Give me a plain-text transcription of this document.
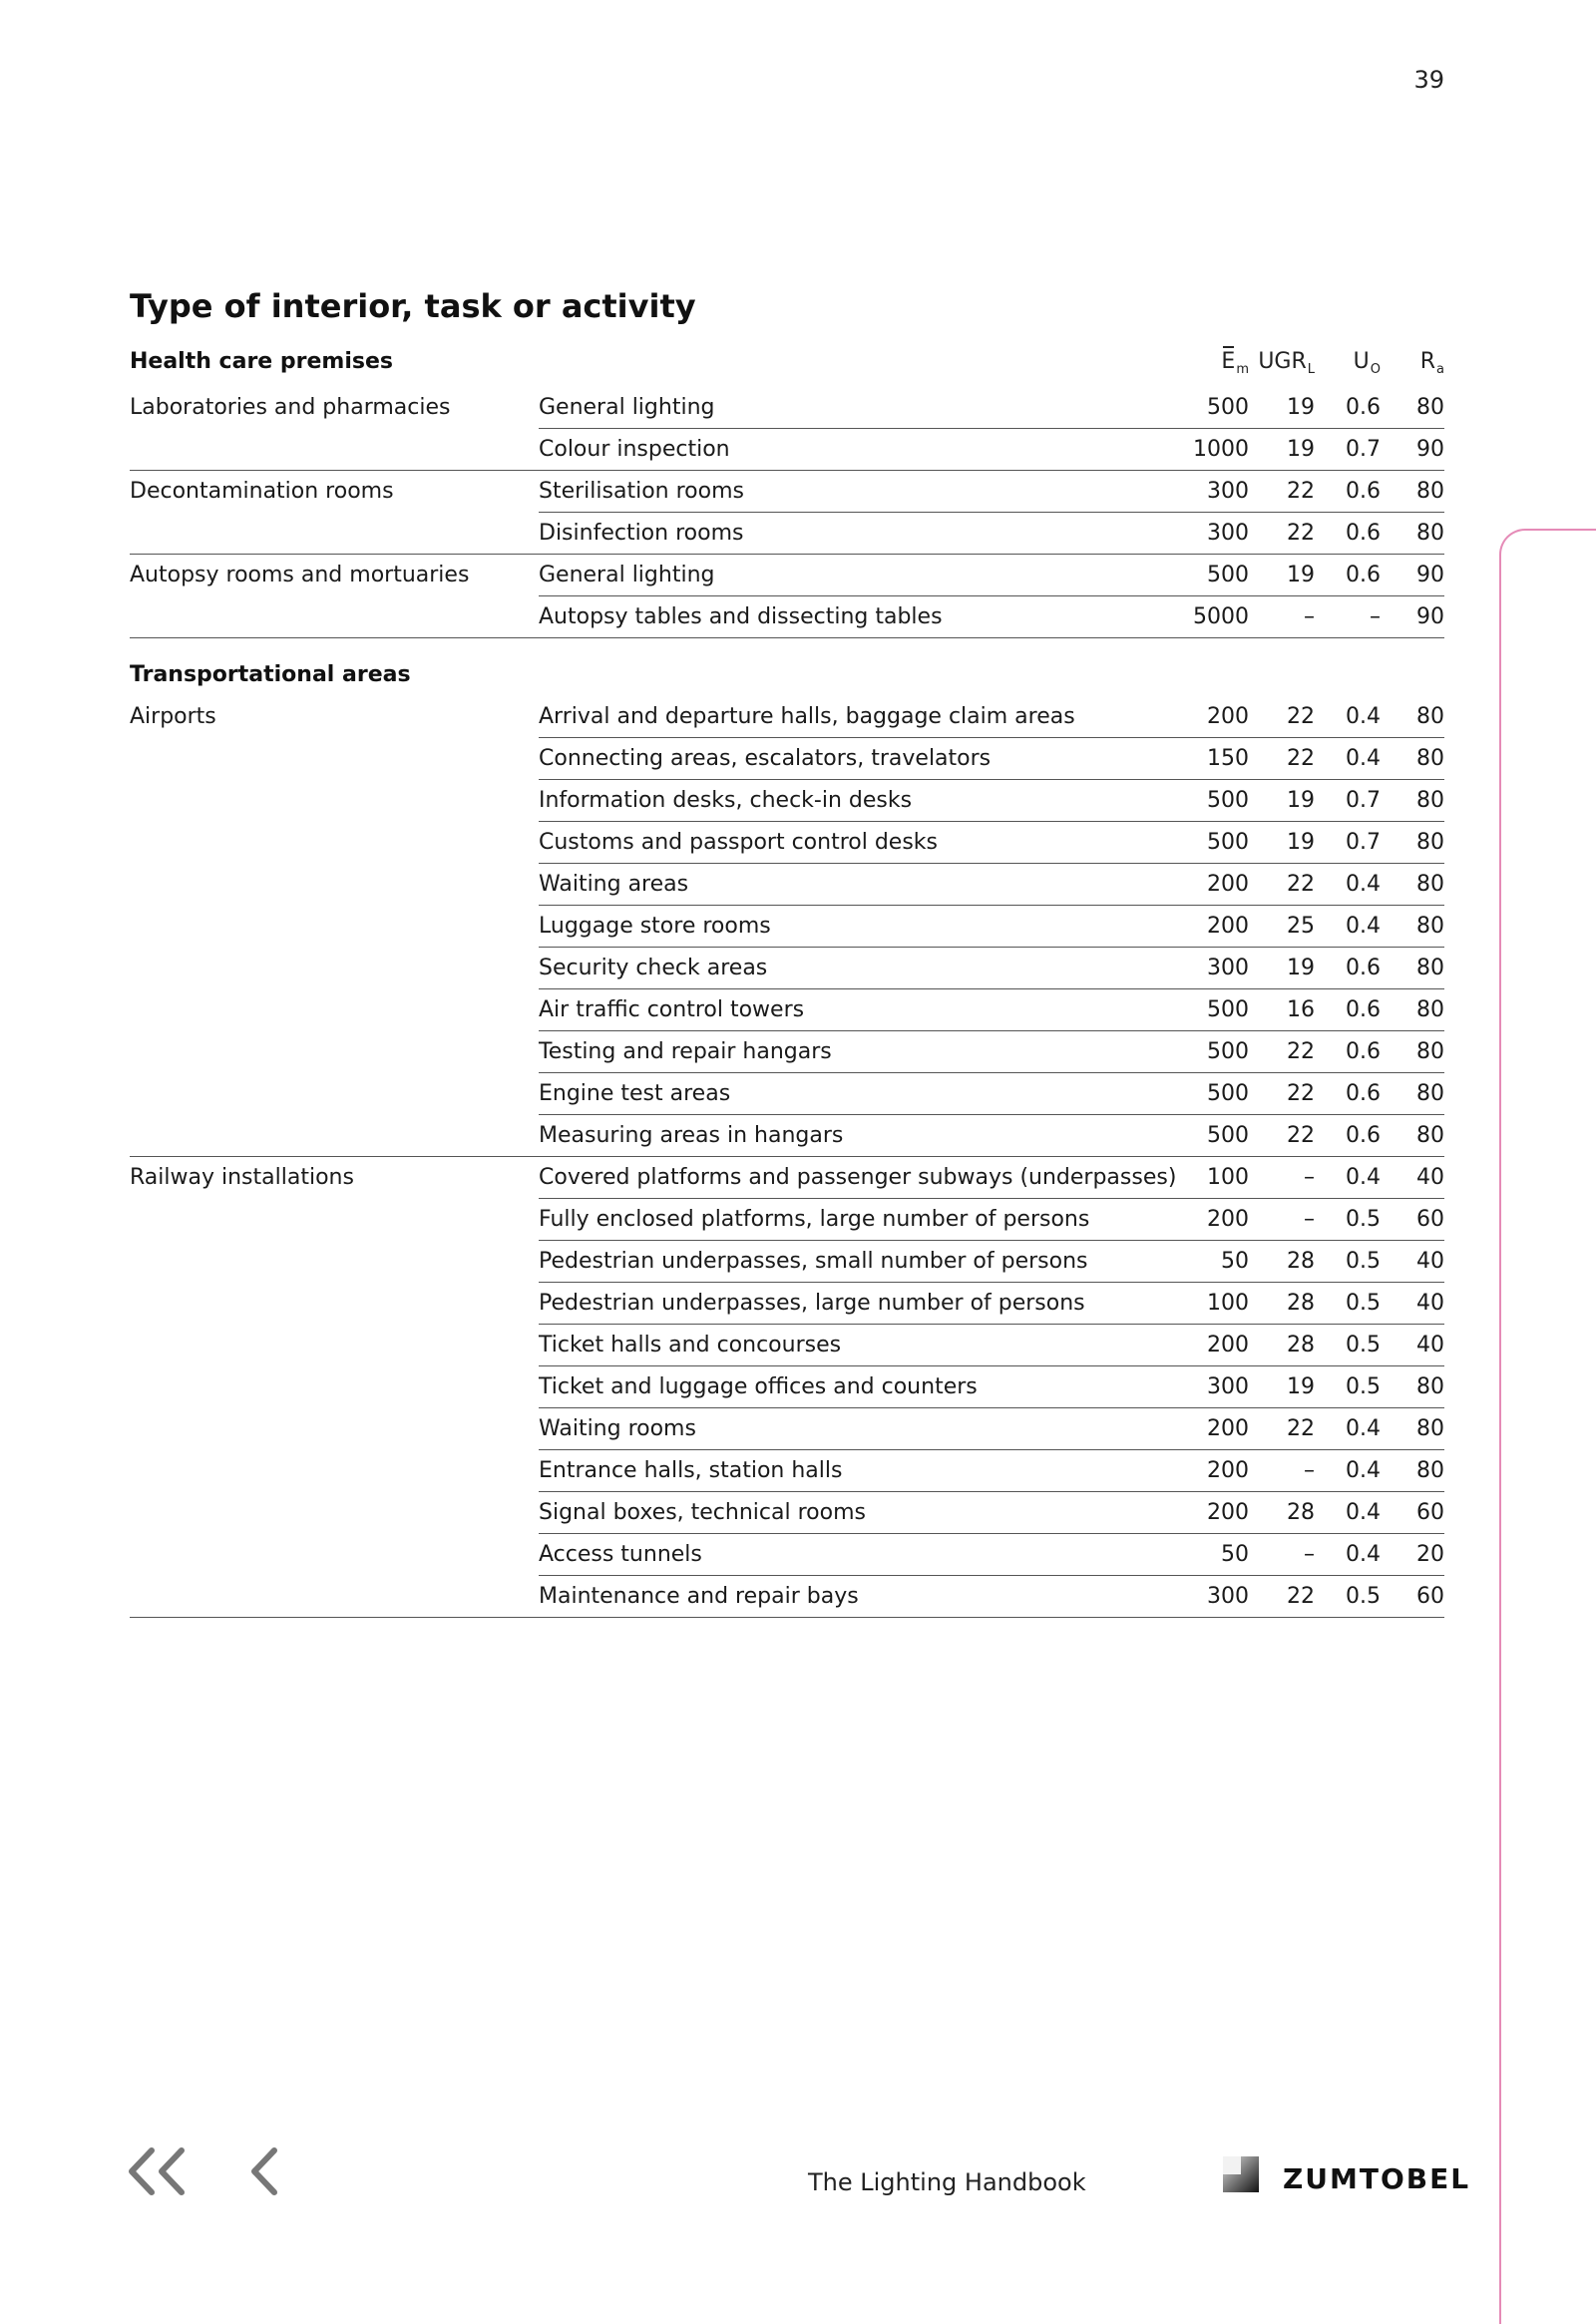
39
Type of interior, task or activity
$E_m$ $UGR_L$ $U_O$ $R_a$
Health care premises
Laboratories and pharmacies	General lighting	500 19 0.6 80
Colour inspection	1000 19 0.7 90
Decontamination rooms	Sterilisation rooms	300 22 0.6 80
Disinfection rooms	300 22 0.6 80
Autopsy rooms and mortuaries	General lighting	500 19 0.6 90
Autopsy tables and dissecting tables	5000	–	– 90
Transportational areas
Airports	Arrival and departure halls, baggage claim areas	200 22 0.4 80
Connecting areas, escalators, travelators	150 22 0.4 80
Information desks, check-in desks	500 19 0.7 80
Customs and passport control desks	500 19 0.7 80
Waiting areas	200 22 0.4 80
Luggage store rooms	200 25 0.4 80
Security check areas	300 19 0.6 80
Air traffic control towers	500 16 0.6 80
Testing and repair hangars	500 22 0.6 80
Engine test areas	500 22 0.6 80
Measuring areas in hangars	500 22 0.6 80
Railway installations	Covered platforms and passenger subways (underpasses) 100	– 0.4 40
Fully enclosed platforms, large number of persons	200	– 0.5 60
Pedestrian underpasses, small number of persons	50 28 0.5 40
Pedestrian underpasses, large number of persons	100 28 0.5 40
Ticket halls and concourses	200 28 0.5 40
Ticket and luggage offices and counters	300 19 0.5 80
Waiting rooms	200 22 0.4 80
Entrance halls, station halls	200	– 0.4 80
Signal boxes, technical rooms	200 28 0.4 60
Access tunnels	50	– 0.4 20
Maintenance and repair bays	300 22 0.5 60
The Lighting Handbook	ZUMTOBEL
